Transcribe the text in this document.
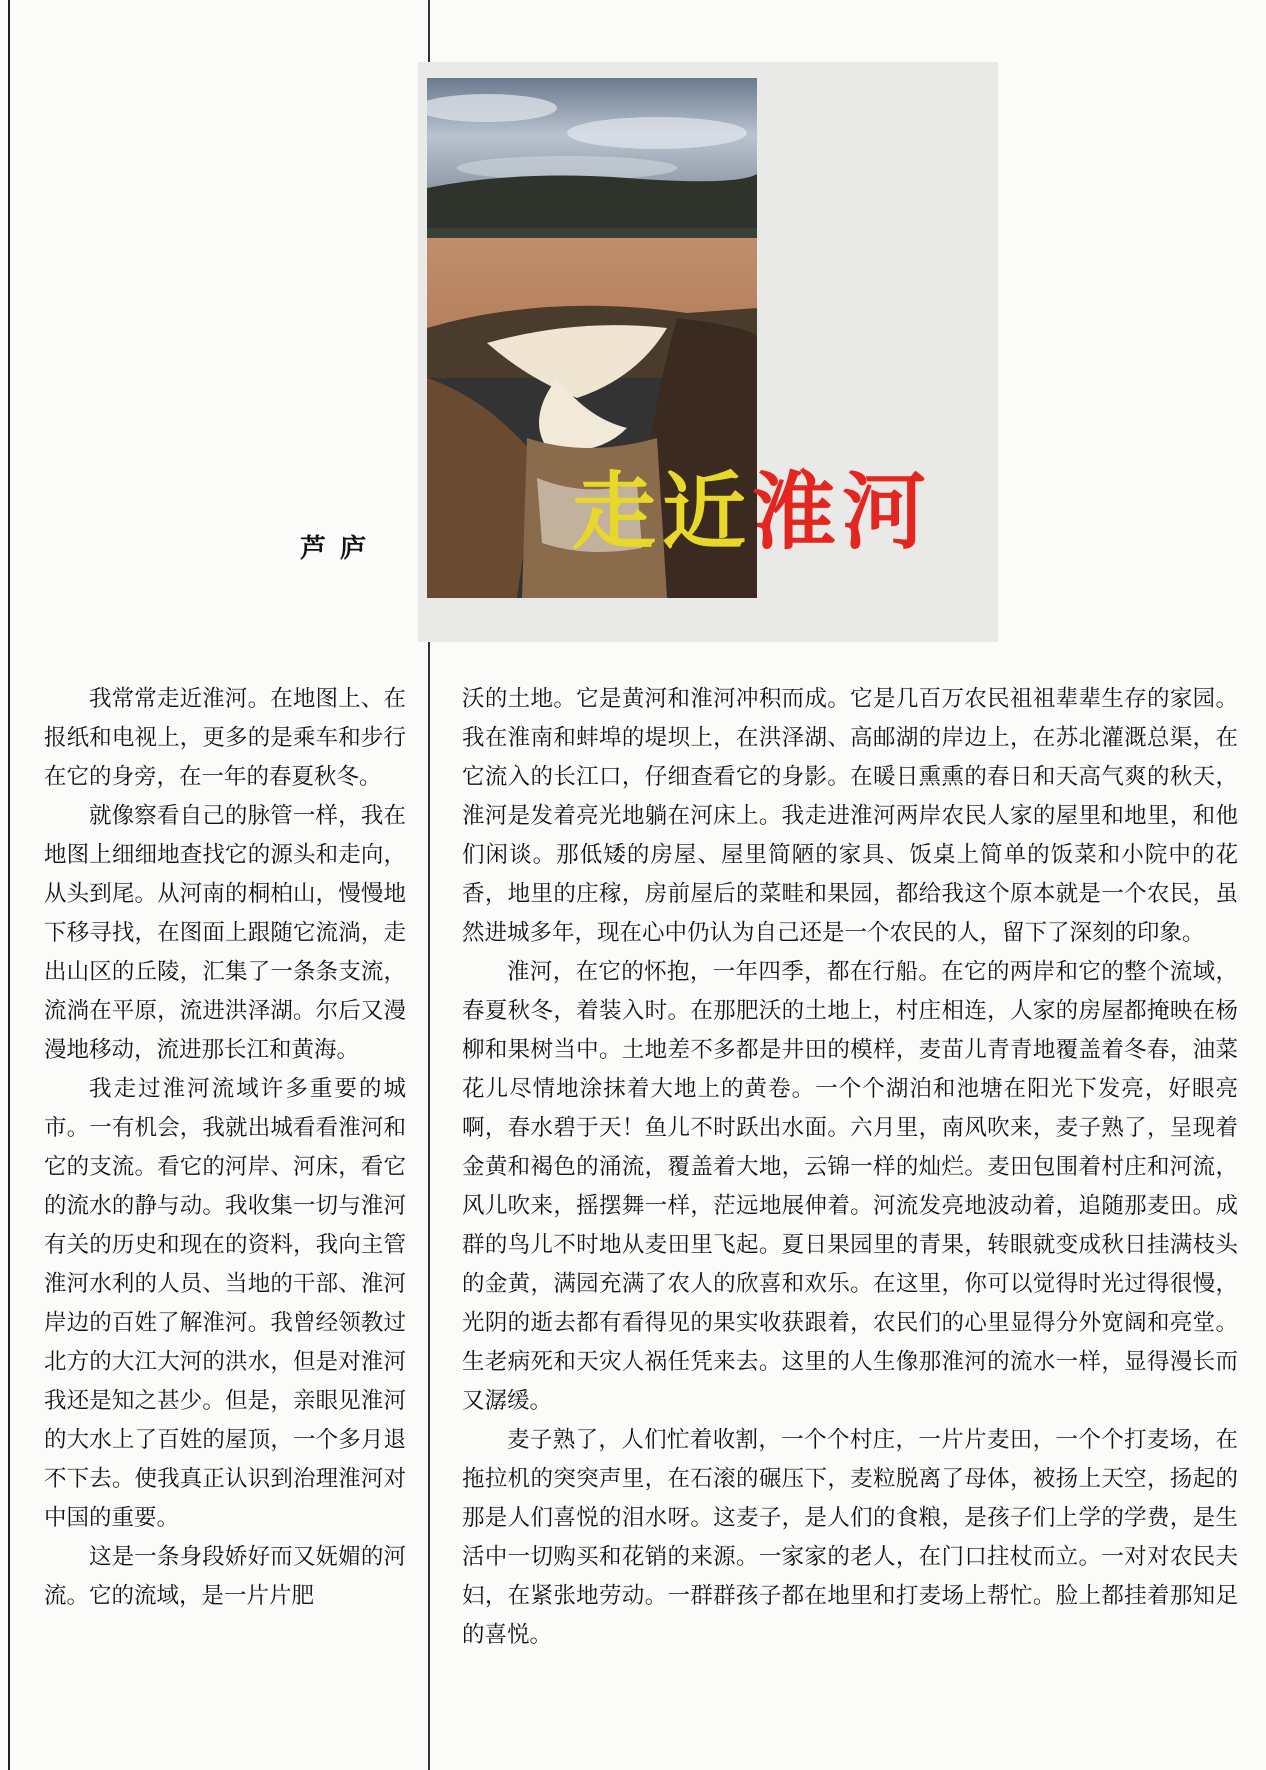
走近淮河

芦庐

我常常走近淮河。在地图上、在报纸和电视上，更多的是乘车和步行在它的身旁，在一年的春夏秋冬。

就像察看自己的脉管一样，我在地图上细细地查找它的源头和走向，从头到尾。从河南的桐柏山，慢慢地下移寻找，在图面上跟随它流淌，走出山区的丘陵，汇集了一条条支流，流淌在平原，流进洪泽湖。尔后又漫漫地移动，流进那长江和黄海。

我走过淮河流域许多重要的城市。一有机会，我就出城看看淮河和它的支流。看它的河岸、河床，看它的流水的静与动。我收集一切与淮河有关的历史和现在的资料，我向主管淮河水利的人员、当地的干部、淮河岸边的百姓了解淮河。我曾经领教过北方的大江大河的洪水，但是对淮河我还是知之甚少。但是，亲眼见淮河的大水上了百姓的屋顶，一个多月退不下去。使我真正认识到治理淮河对中国的重要。

这是一条身段娇好而又妩媚的河流。它的流域，是一片片肥

沃的土地。它是黄河和淮河冲积而成。它是几百万农民祖祖辈辈生存的家园。我在淮南和蚌埠的堤坝上，在洪泽湖、高邮湖的岸边上，在苏北灌溉总渠，在它流入的长江口，仔细查看它的身影。在暖日熏熏的春日和天高气爽的秋天，淮河是发着亮光地躺在河床上。我走进淮河两岸农民人家的屋里和地里，和他们闲谈。那低矮的房屋、屋里简陋的家具、饭桌上简单的饭菜和小院中的花香，地里的庄稼，房前屋后的菜畦和果园，都给我这个原本就是一个农民，虽然进城多年，现在心中仍认为自己还是一个农民的人，留下了深刻的印象。

淮河，在它的怀抱，一年四季，都在行船。在它的两岸和它的整个流域，春夏秋冬，着装入时。在那肥沃的土地上，村庄相连，人家的房屋都掩映在杨柳和果树当中。土地差不多都是井田的模样，麦苗儿青青地覆盖着冬春，油菜花儿尽情地涂抹着大地上的黄卷。一个个湖泊和池塘在阳光下发亮，好眼亮啊，春水碧于天！鱼儿不时跃出水面。六月里，南风吹来，麦子熟了，呈现着金黄和褐色的涌流，覆盖着大地，云锦一样的灿烂。麦田包围着村庄和河流，风儿吹来，摇摆舞一样，茫远地展伸着。河流发亮地波动着，追随那麦田。成群的鸟儿不时地从麦田里飞起。夏日果园里的青果，转眼就变成秋日挂满枝头的金黄，满园充满了农人的欣喜和欢乐。在这里，你可以觉得时光过得很慢，光阴的逝去都有看得见的果实收获跟着，农民们的心里显得分外宽阔和亮堂。生老病死和天灾人祸任凭来去。这里的人生像那淮河的流水一样，显得漫长而又潺缓。

麦子熟了，人们忙着收割，一个个村庄，一片片麦田，一个个打麦场，在拖拉机的突突声里，在石滚的碾压下，麦粒脱离了母体，被扬上天空，扬起的那是人们喜悦的泪水呀。这麦子，是人们的食粮，是孩子们上学的学费，是生活中一切购买和花销的来源。一家家的老人，在门口拄杖而立。一对对农民夫妇，在紧张地劳动。一群群孩子都在地里和打麦场上帮忙。脸上都挂着那知足的喜悦。
